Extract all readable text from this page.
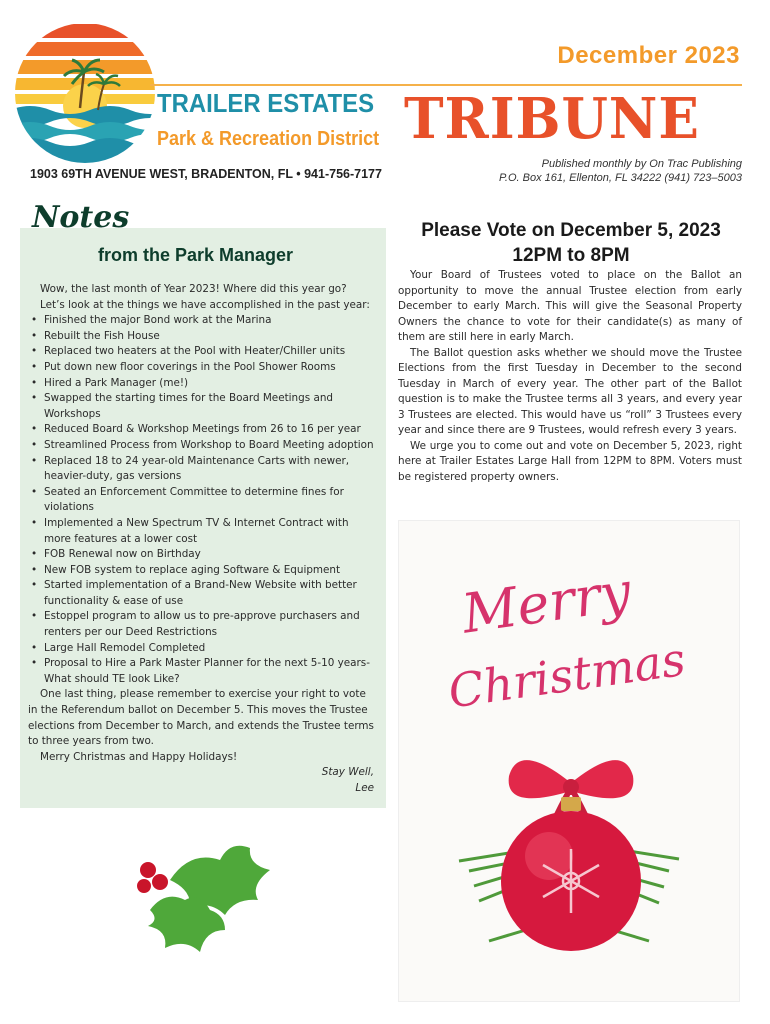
December 2023
TRAILER ESTATES
Park & Recreation District TRIBUNE
1903 69TH AVENUE WEST, BRADENTON, FL • 941-756-7177
Published monthly by On Trac Publishing
P.O. Box 161, Ellenton, FL 34222 (941) 723–5003
Notes
from the Park Manager

Wow, the last month of Year 2023! Where did this year go?

Let’s look at the things we have accomplished in the past year:

• Finished the major Bond work at the Marina
• Rebuilt the Fish House
• Replaced two heaters at the Pool with Heater/Chiller units
• Put down new floor coverings in the Pool Shower Rooms
• Hired a Park Manager (me!)
• Swapped the starting times for the Board Meetings and Workshops
• Reduced Board & Workshop Meetings from 26 to 16 per year
• Streamlined Process from Workshop to Board Meeting adoption
• Replaced 18 to 24 year-old Maintenance Carts with newer, heavier-duty, gas versions
• Seated an Enforcement Committee to determine fines for violations
• Implemented a New Spectrum TV & Internet Contract with more features at a lower cost
• FOB Renewal now on Birthday
• New FOB system to replace aging Software & Equipment
• Started implementation of a Brand-New Website with better functionality & ease of use
• Estoppel program to allow us to pre-approve purchasers and renters per our Deed Restrictions
• Large Hall Remodel Completed
• Proposal to Hire a Park Master Planner for the next 5-10 years- What should TE look Like?

One last thing, please remember to exercise your right to vote in the Referendum ballot on December 5. This moves the Trustee elections from December to March, and extends the Trustee terms to three years from two.

Merry Christmas and Happy Holidays!

Stay Well,
Lee
Please Vote on December 5, 2023
12PM to 8PM

Your Board of Trustees voted to place on the Ballot an opportunity to move the annual Trustee election from early December to early March. This will give the Seasonal Property Owners the chance to vote for their candidate(s) as many of them are still here in early March.

The Ballot question asks whether we should move the Trustee Elections from the first Tuesday in December to the second Tuesday in March of every year. The other part of the Ballot question is to make the Trustee terms all 3 years, and every year 3 Trustees are elected. This would have us “roll” 3 Trustees every year and since there are 9 Trustees, would refresh every 3 years.

We urge you to come out and vote on December 5, 2023, right here at Trailer Estates Large Hall from 12PM to 8PM. Voters must be registered property owners.

Merry
Christmas
